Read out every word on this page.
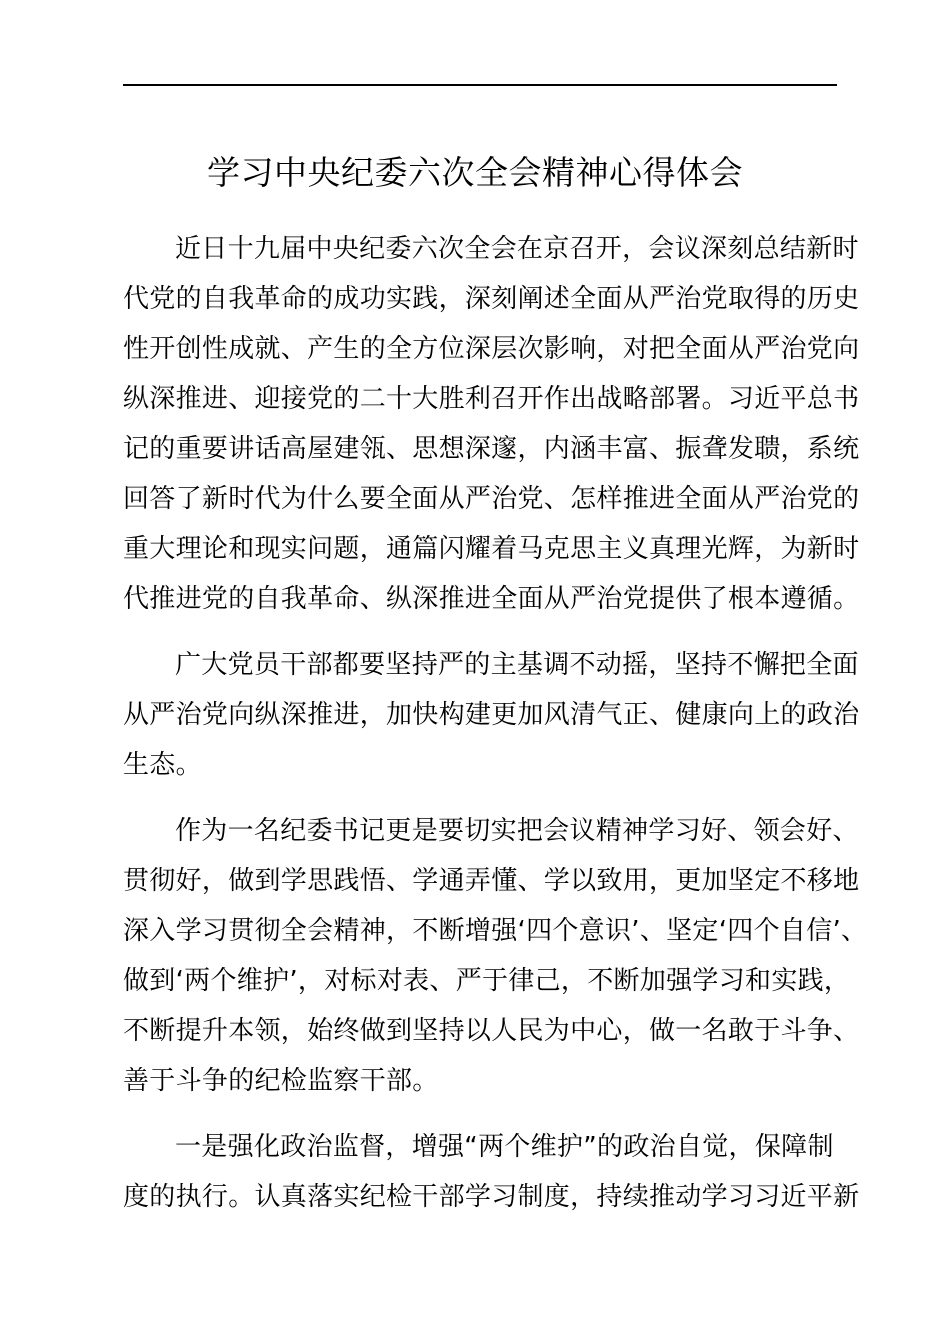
学习中央纪委六次全会精神心得体会
近日十九届中央纪委六次全会在京召开，会议深刻总结新时
代党的自我革命的成功实践，深刻阐述全面从严治党取得的历史
性开创性成就、产生的全方位深层次影响，对把全面从严治党向
纵深推进、迎接党的二十大胜利召开作出战略部署。习近平总书
记的重要讲话高屋建瓴、思想深邃，内涵丰富、振聋发聩，系统
回答了新时代为什么要全面从严治党、怎样推进全面从严治党的
重大理论和现实问题，通篇闪耀着马克思主义真理光辉，为新时
代推进党的自我革命、纵深推进全面从严治党提供了根本遵循。
广大党员干部都要坚持严的主基调不动摇，坚持不懈把全面
从严治党向纵深推进，加快构建更加风清气正、健康向上的政治
生态。
作为一名纪委书记更是要切实把会议精神学习好、领会好、
贯彻好，做到学思践悟、学通弄懂、学以致用，更加坚定不移地
深入学习贯彻全会精神，不断增强‘四个意识’、坚定‘四个自信’、
做到‘两个维护’，对标对表、严于律己，不断加强学习和实践，
不断提升本领，始终做到坚持以人民为中心，做一名敢于斗争、
善于斗争的纪检监察干部。
一是强化政治监督，增强“两个维护”的政治自觉，保障制
度的执行。认真落实纪检干部学习制度，持续推动学习习近平新
